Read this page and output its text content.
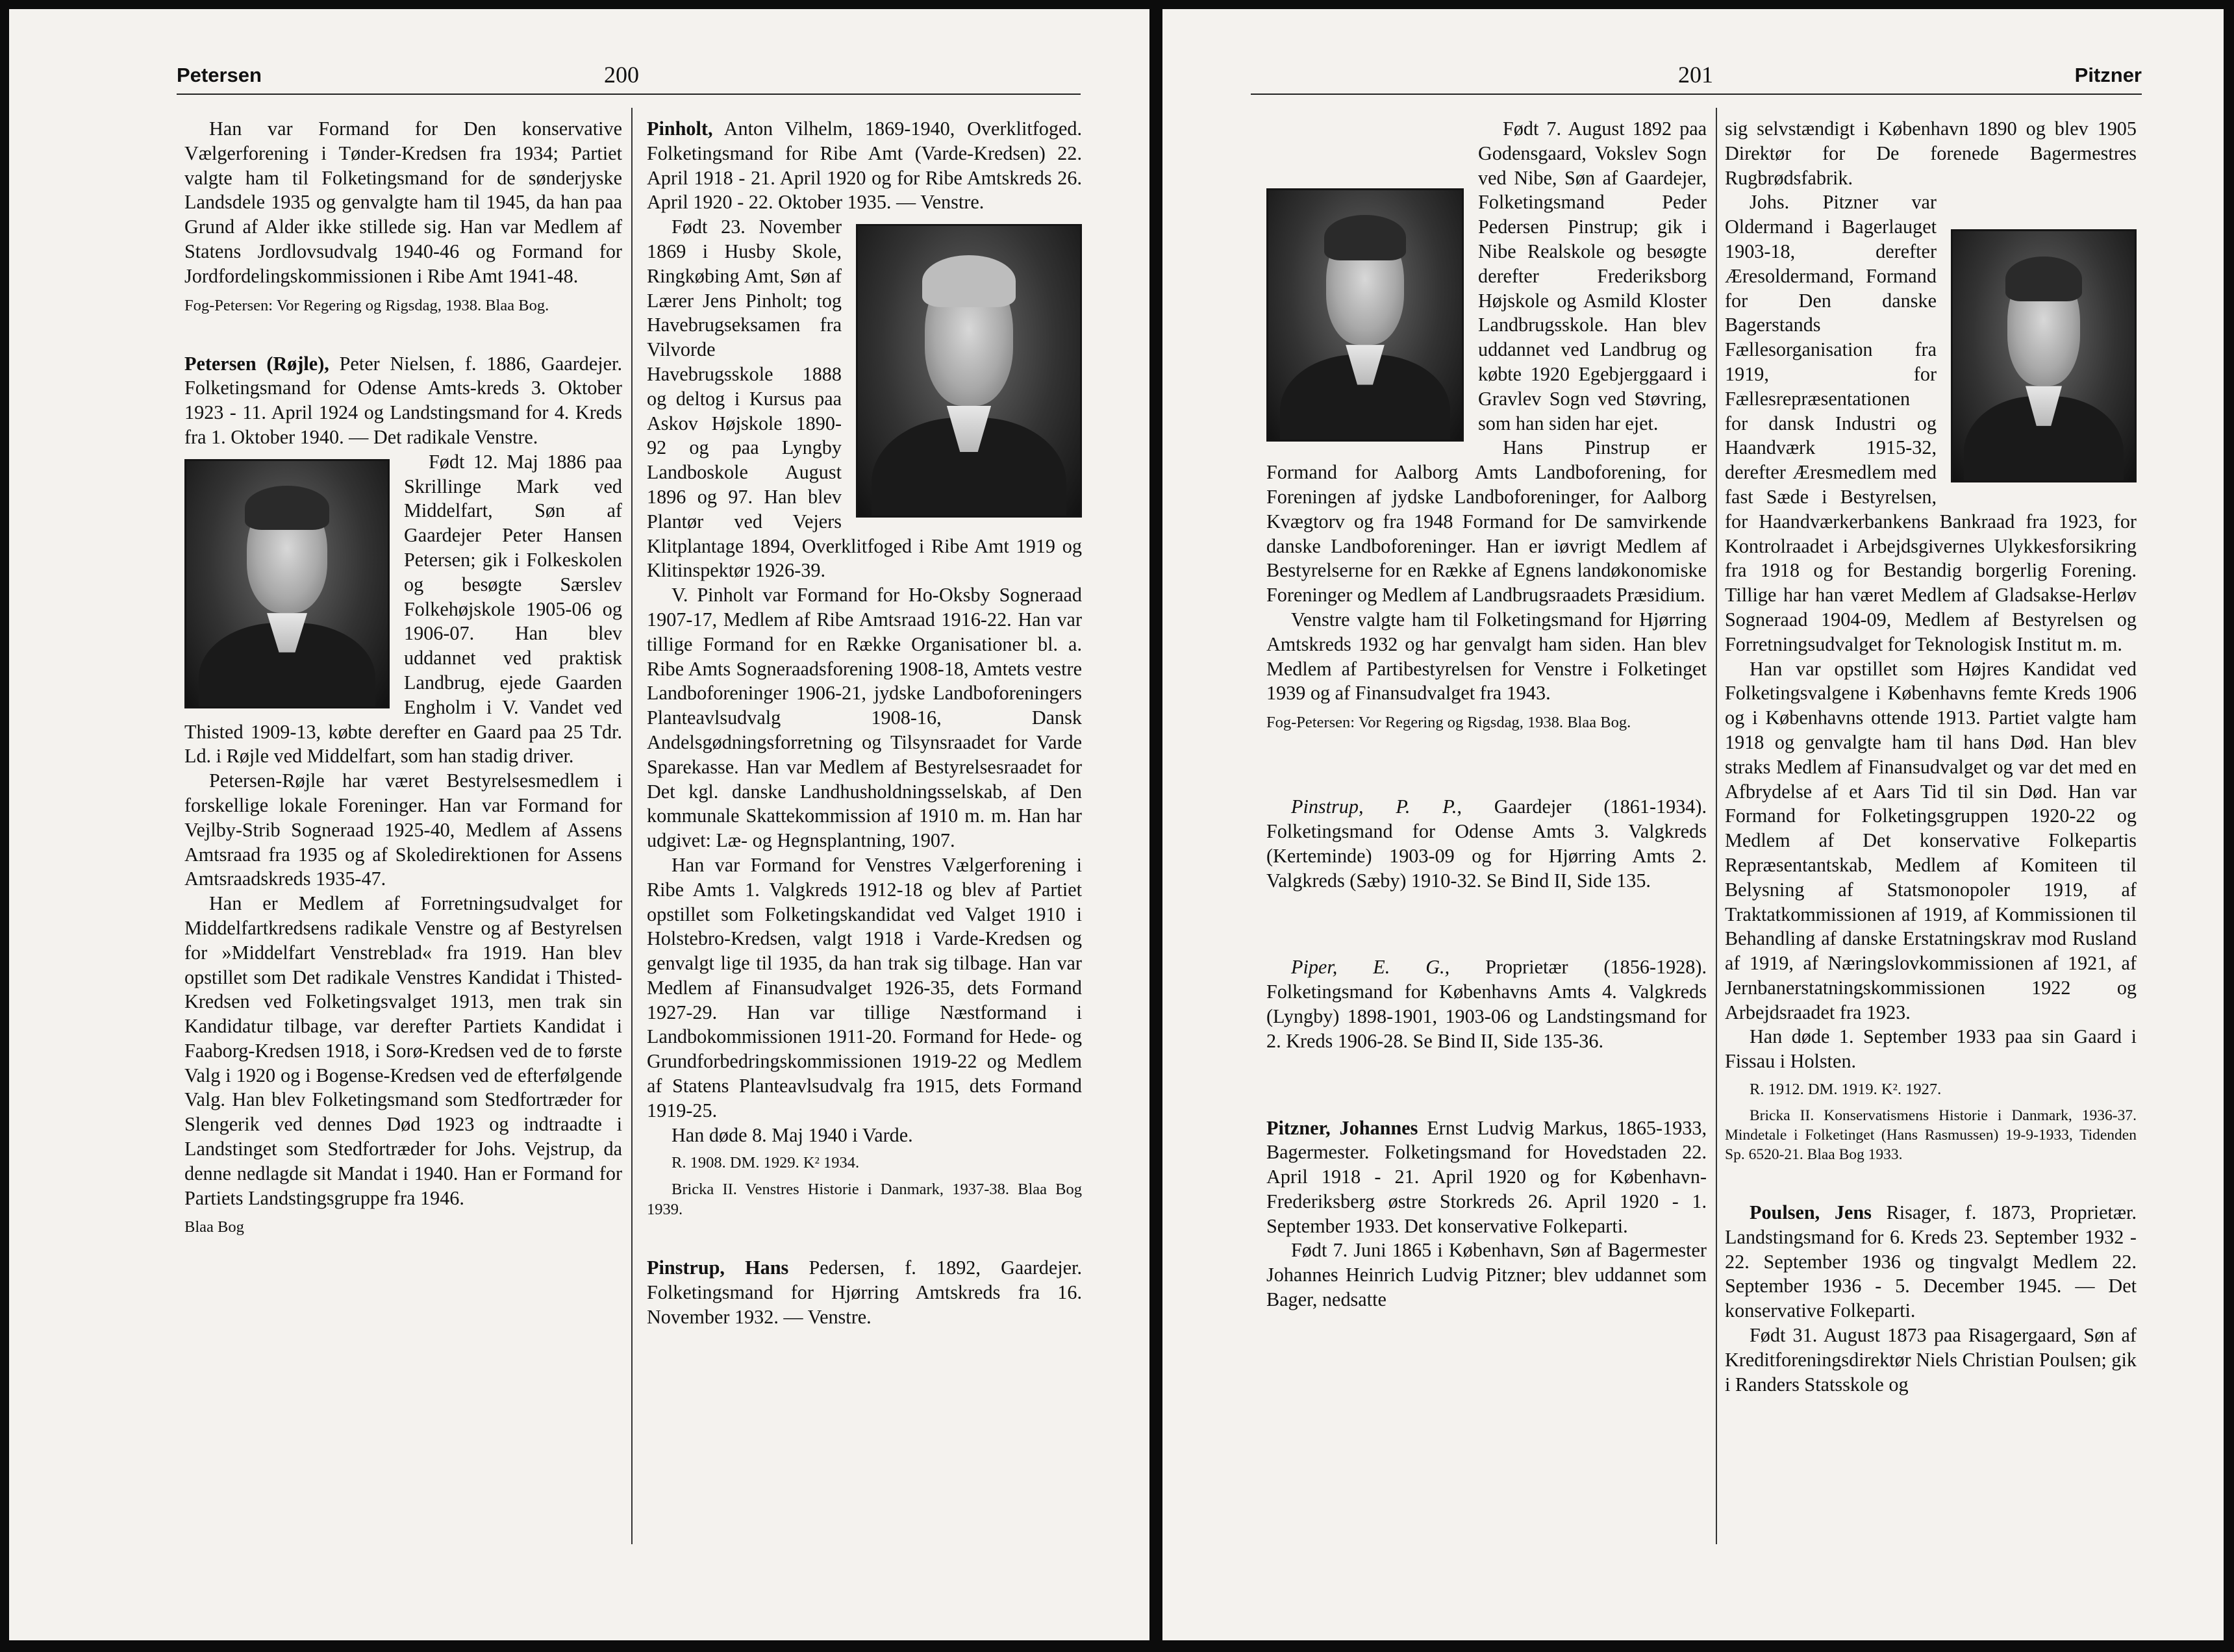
Petersen	200

Han var Formand for Den konservative Vælgerforening i Tønder-Kredsen fra 1934; Partiet valgte ham til Folketingsmand for de sønderjyske Landsdele 1935 og genvalgte ham til 1945, da han paa Grund af Alder ikke stillede sig. Han var Medlem af Statens Jordlovsudvalg 1940-46 og Formand for Jordfordelingskommissionen i Ribe Amt 1941-48.

Fog-Petersen: Vor Regering og Rigsdag, 1938. Blaa Bog.

Petersen (Røjle), Peter Nielsen, f. 1886, Gaardejer. Folketingsmand for Odense Amts-kreds 3. Oktober 1923 - 11. April 1924 og Landstingsmand for 4. Kreds fra 1. Oktober 1940. — Det radikale Venstre.

Født 12. Maj 1886 paa Skrillinge Mark ved Middelfart, Søn af Gaardejer Peter Hansen Petersen; gik i Folkeskolen og besøgte Særslev Folkehøjskole 1905-06 og 1906-07. Han blev uddannet ved praktisk Landbrug, ejede Gaarden Engholm i V. Vandet ved Thisted 1909-13, købte derefter en Gaard paa 25 Tdr. Ld. i Røjle ved Middelfart, som han stadig driver.

Petersen-Røjle har været Bestyrelsesmedlem i forskellige lokale Foreninger. Han var Formand for Vejlby-Strib Sogneraad 1925-40, Medlem af Assens Amtsraad fra 1935 og af Skoledirektionen for Assens Amtsraadskreds 1935-47.

Han er Medlem af Forretningsudvalget for Middelfartkredsens radikale Venstre og af Bestyrelsen for »Middelfart Venstreblad« fra 1919. Han blev opstillet som Det radikale Venstres Kandidat i Thisted-Kredsen ved Folketingsvalget 1913, men trak sin Kandidatur tilbage, var derefter Partiets Kandidat i Faaborg-Kredsen 1918, i Sorø-Kredsen ved de to første Valg i 1920 og i Bogense-Kredsen ved de efterfølgende Valg. Han blev Folketingsmand som Stedfortræder for Slengerik ved dennes Død 1923 og indtraadte i Landstinget som Stedfortræder for Johs. Vejstrup, da denne nedlagde sit Mandat i 1940. Han er Formand for Partiets Landstingsgruppe fra 1946.

Blaa Bog

Pinholt, Anton Vilhelm, 1869-1940, Overklitfoged. Folketingsmand for Ribe Amt (Varde-Kredsen) 22. April 1918 - 21. April 1920 og for Ribe Amtskreds 26. April 1920 - 22. Oktober 1935. — Venstre.

Født 23. November 1869 i Husby Skole, Ringkøbing Amt, Søn af Lærer Jens Pinholt; tog Havebrugseksamen fra Vilvorde Havebrugsskole 1888 og deltog i Kursus paa Askov Højskole 1890-92 og paa Lyngby Landboskole August 1896 og 97. Han blev Plantør ved Vejers Klitplantage 1894, Overklitfoged i Ribe Amt 1919 og Klitinspektør 1926-39.

V. Pinholt var Formand for Ho-Oksby Sogneraad 1907-17, Medlem af Ribe Amtsraad 1916-22. Han var tillige Formand for en Række Organisationer bl. a. Ribe Amts Sogneraadsforening 1908-18, Amtets vestre Landboforeninger 1906-21, jydske Landboforeningers Planteavlsudvalg 1908-16, Dansk Andelsgødningsforretning og Tilsynsraadet for Varde Sparekasse. Han var Medlem af Bestyrelsesraadet for Det kgl. danske Landhusholdningsselskab, af Den kommunale Skattekommission af 1910 m. m. Han har udgivet: Læ- og Hegnsplantning, 1907.

Han var Formand for Venstres Vælgerforening i Ribe Amts 1. Valgkreds 1912-18 og blev af Partiet opstillet som Folketingskandidat ved Valget 1910 i Holstebro-Kredsen, valgt 1918 i Varde-Kredsen og genvalgt lige til 1935, da han trak sig tilbage. Han var Medlem af Finansudvalget 1926-35, dets Formand 1927-29. Han var tillige Næstformand i Landbokommissionen 1911-20. Formand for Hede- og Grundforbedringskommissionen 1919-22 og Medlem af Statens Planteavlsudvalg fra 1915, dets Formand 1919-25.

Han døde 8. Maj 1940 i Varde.

R. 1908. DM. 1929. K² 1934.

Bricka II. Venstres Historie i Danmark, 1937-38. Blaa Bog 1939.

Pinstrup, Hans Pedersen, f. 1892, Gaardejer. Folketingsmand for Hjørring Amtskreds fra 16. November 1932. — Venstre.

201	Pitzner

Født 7. August 1892 paa Godensgaard, Vokslev Sogn ved Nibe, Søn af Gaardejer, Folketingsmand Peder Pedersen Pinstrup; gik i Nibe Realskole og besøgte derefter Frederiksborg Højskole og Asmild Kloster Landbrugsskole. Han blev uddannet ved Landbrug og købte 1920 Egebjerggaard i Gravlev Sogn ved Støvring, som han siden har ejet.

Hans Pinstrup er Formand for Aalborg Amts Landboforening, for Foreningen af jydske Landboforeninger, for Aalborg Kvægtorv og fra 1948 Formand for De samvirkende danske Landboforeninger. Han er iøvrigt Medlem af Bestyrelserne for en Række af Egnens landøkonomiske Foreninger og Medlem af Landbrugsraadets Præsidium.

Venstre valgte ham til Folketingsmand for Hjørring Amtskreds 1932 og har genvalgt ham siden. Han blev Medlem af Partibestyrelsen for Venstre i Folketinget 1939 og af Finansudvalget fra 1943.

Fog-Petersen: Vor Regering og Rigsdag, 1938. Blaa Bog.

Pinstrup, P. P., Gaardejer (1861-1934). Folketingsmand for Odense Amts 3. Valgkreds (Kerteminde) 1903-09 og for Hjørring Amts 2. Valgkreds (Sæby) 1910-32. Se Bind II, Side 135.

Piper, E. G., Proprietær (1856-1928). Folketingsmand for Københavns Amts 4. Valgkreds (Lyngby) 1898-1901, 1903-06 og Landstingsmand for 2. Kreds 1906-28. Se Bind II, Side 135-36.

Pitzner, Johannes Ernst Ludvig Markus, 1865-1933, Bagermester. Folketingsmand for Hovedstaden 22. April 1918 - 21. April 1920 og for København-Frederiksberg østre Storkreds 26. April 1920 - 1. September 1933. Det konservative Folkeparti.

Født 7. Juni 1865 i København, Søn af Bagermester Johannes Heinrich Ludvig Pitzner; blev uddannet som Bager, nedsatte

sig selvstændigt i København 1890 og blev 1905 Direktør for De forenede Bagermestres Rugbrødsfabrik.

Johs. Pitzner var Oldermand i Bagerlauget 1903-18, derefter Æresoldermand, Formand for Den danske Bagerstands Fællesorganisation fra 1919, for Fællesrepræsentationen for dansk Industri og Haandværk 1915-32, derefter Æresmedlem med fast Sæde i Bestyrelsen, for Haandværkerbankens Bankraad fra 1923, for Kontrolraadet i Arbejdsgivernes Ulykkesforsikring fra 1918 og for Bestandig borgerlig Forening. Tillige har han været Medlem af Gladsakse-Herløv Sogneraad 1904-09, Medlem af Bestyrelsen og Forretningsudvalget for Teknologisk Institut m. m.

Han var opstillet som Højres Kandidat ved Folketingsvalgene i Københavns femte Kreds 1906 og i Københavns ottende 1913. Partiet valgte ham 1918 og genvalgte ham til hans Død. Han blev straks Medlem af Finansudvalget og var det med en Afbrydelse af et Aars Tid til sin Død. Han var Formand for Folketingsgruppen 1920-22 og Medlem af Det konservative Folkepartis Repræsentantskab, Medlem af Komiteen til Belysning af Statsmonopoler 1919, af Traktatkommissionen af 1919, af Kommissionen til Behandling af danske Erstatningskrav mod Rusland af 1919, af Næringslovkommissionen af 1921, af Jernbanerstatningskommissionen 1922 og Arbejdsraadet fra 1923.

Han døde 1. September 1933 paa sin Gaard i Fissau i Holsten.

R. 1912. DM. 1919. K². 1927.

Bricka II. Konservatismens Historie i Danmark, 1936-37. Mindetale i Folketinget (Hans Rasmussen) 19-9-1933, Tidenden Sp. 6520-21. Blaa Bog 1933.

Poulsen, Jens Risager, f. 1873, Proprietær. Landstingsmand for 6. Kreds 23. September 1932 - 22. September 1936 og tingvalgt Medlem 22. September 1936 - 5. December 1945. — Det konservative Folkeparti.

Født 31. August 1873 paa Risagergaard, Søn af Kreditforeningsdirektør Niels Christian Poulsen; gik i Randers Statsskole og
